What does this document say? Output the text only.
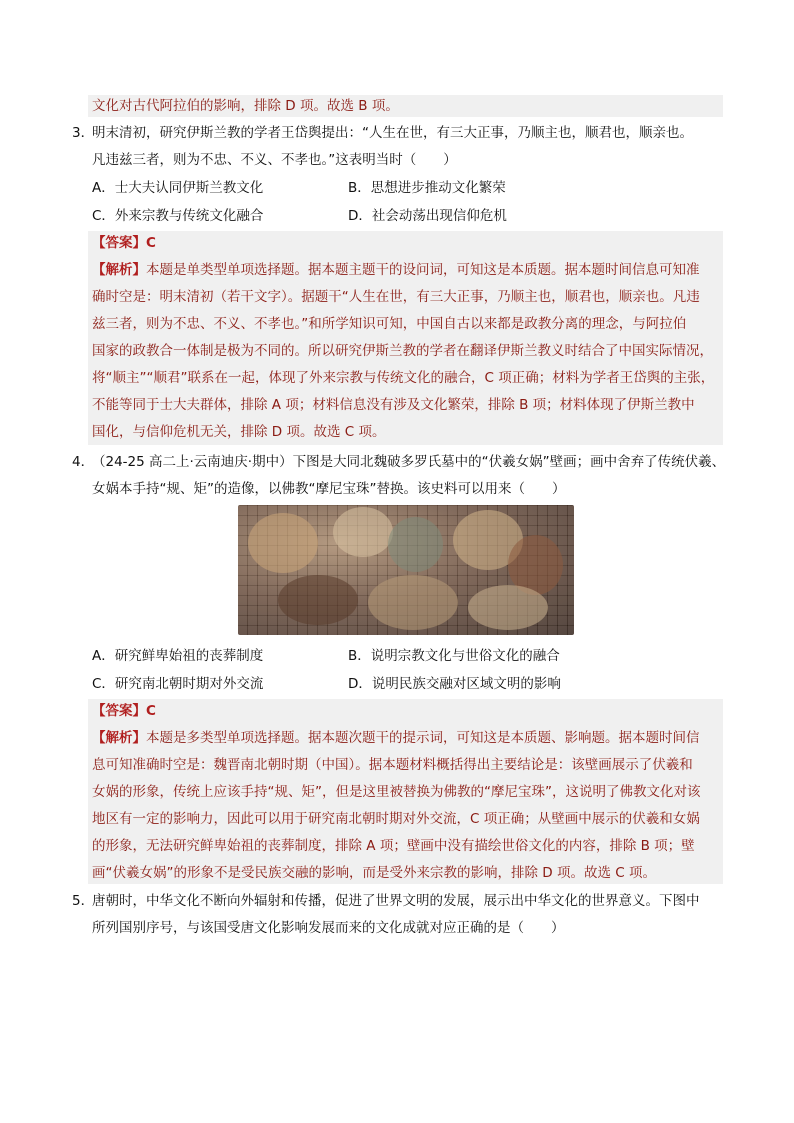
文化对古代阿拉伯的影响，排除 D 项。故选 B 项。
3．
明末清初，研究伊斯兰教的学者王岱舆提出：“人生在世，有三大正事，乃顺主也，顺君也，顺亲也。
凡违兹三者，则为不忠、不义、不孝也。”这表明当时（　　）
A．士大夫认同伊斯兰教文化	B．思想进步推动文化繁荣
C．外来宗教与传统文化融合	D．社会动荡出现信仰危机
【答案】C
【解析】本题是单类型单项选择题。据本题主题干的设问词，可知这是本质题。据本题时间信息可知准
确时空是：明末清初（若干文字）。据题干“人生在世，有三大正事，乃顺主也，顺君也，顺亲也。凡违
兹三者，则为不忠、不义、不孝也。”和所学知识可知，中国自古以来都是政教分离的理念，与阿拉伯
国家的政教合一体制是极为不同的。所以研究伊斯兰教的学者在翻译伊斯兰教义时结合了中国实际情况，
将“顺主”“顺君”联系在一起，体现了外来宗教与传统文化的融合，C 项正确；材料为学者王岱舆的主张，
不能等同于士大夫群体，排除 A 项；材料信息没有涉及文化繁荣，排除 B 项；材料体现了伊斯兰教中
国化，与信仰危机无关，排除 D 项。故选 C 项。
4．
（24-25 高二上·云南迪庆·期中）下图是大同北魏破多罗氏墓中的“伏羲女娲”壁画；画中舍弃了传统伏羲、
女娲本手持“规、矩”的造像，以佛教“摩尼宝珠”替换。该史料可以用来（　　）
A．研究鲜卑始祖的丧葬制度	B．说明宗教文化与世俗文化的融合
C．研究南北朝时期对外交流	D．说明民族交融对区域文明的影响
【答案】C
【解析】本题是多类型单项选择题。据本题次题干的提示词，可知这是本质题、影响题。据本题时间信
息可知准确时空是：魏晋南北朝时期（中国）。据本题材料概括得出主要结论是：该壁画展示了伏羲和
女娲的形象，传统上应该手持“规、矩”，但是这里被替换为佛教的“摩尼宝珠”，这说明了佛教文化对该
地区有一定的影响力，因此可以用于研究南北朝时期对外交流，C 项正确；从壁画中展示的伏羲和女娲
的形象，无法研究鲜卑始祖的丧葬制度，排除 A 项；壁画中没有描绘世俗文化的内容，排除 B 项；壁
画“伏羲女娲”的形象不是受民族交融的影响，而是受外来宗教的影响，排除 D 项。故选 C 项。
5．
唐朝时，中华文化不断向外辐射和传播，促进了世界文明的发展，展示出中华文化的世界意义。下图中
所列国别序号，与该国受唐文化影响发展而来的文化成就对应正确的是（　　）
